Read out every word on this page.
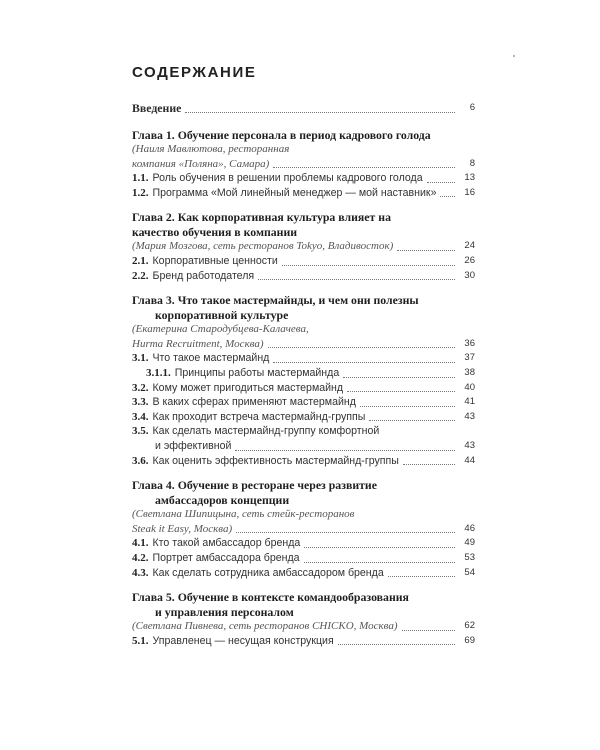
СОДЕРЖАНИЕ
Введение	6
Глава 1. Обучение персонала в период кадрового голода
(Наиля Мавлютова, ресторанная
компания «Поляна», Самара)	8
1.1. Роль обучения в решении проблемы кадрового голода	13
1.2. Программа «Мой линейный менеджер — мой наставник»	16
Глава 2. Как корпоративная культура влияет на
качество обучения в компании
(Мария Мозгова, сеть ресторанов Tokyo, Владивосток)	24
2.1. Корпоративные ценности	26
2.2. Бренд работодателя	30
Глава 3. Что такое мастермайнды, и чем они полезны
корпоративной культуре
(Екатерина Стародубцева-Калачева,
Hurma Recruitment, Москва)	36
3.1. Что такое мастермайнд	37
3.1.1. Принципы работы мастермайнда	38
3.2. Кому может пригодиться мастермайнд	40
3.3. В каких сферах применяют мастермайнд	41
3.4. Как проходит встреча мастермайнд-группы	43
3.5. Как сделать мастермайнд-группу комфортной
и эффективной	43
3.6. Как оценить эффективность мастермайнд-группы	44
Глава 4. Обучение в ресторане через развитие
амбассадоров концепции
(Светлана Шипицына, сеть стейк-ресторанов
Steak it Easy, Москва)	46
4.1. Кто такой амбассадор бренда	49
4.2. Портрет амбассадора бренда	53
4.3. Как сделать сотрудника амбассадором бренда	54
Глава 5. Обучение в контексте командообразования
и управления персоналом
(Светлана Пивнева, сеть ресторанов CHICKO, Москва)	62
5.1. Управленец — несущая конструкция	69
